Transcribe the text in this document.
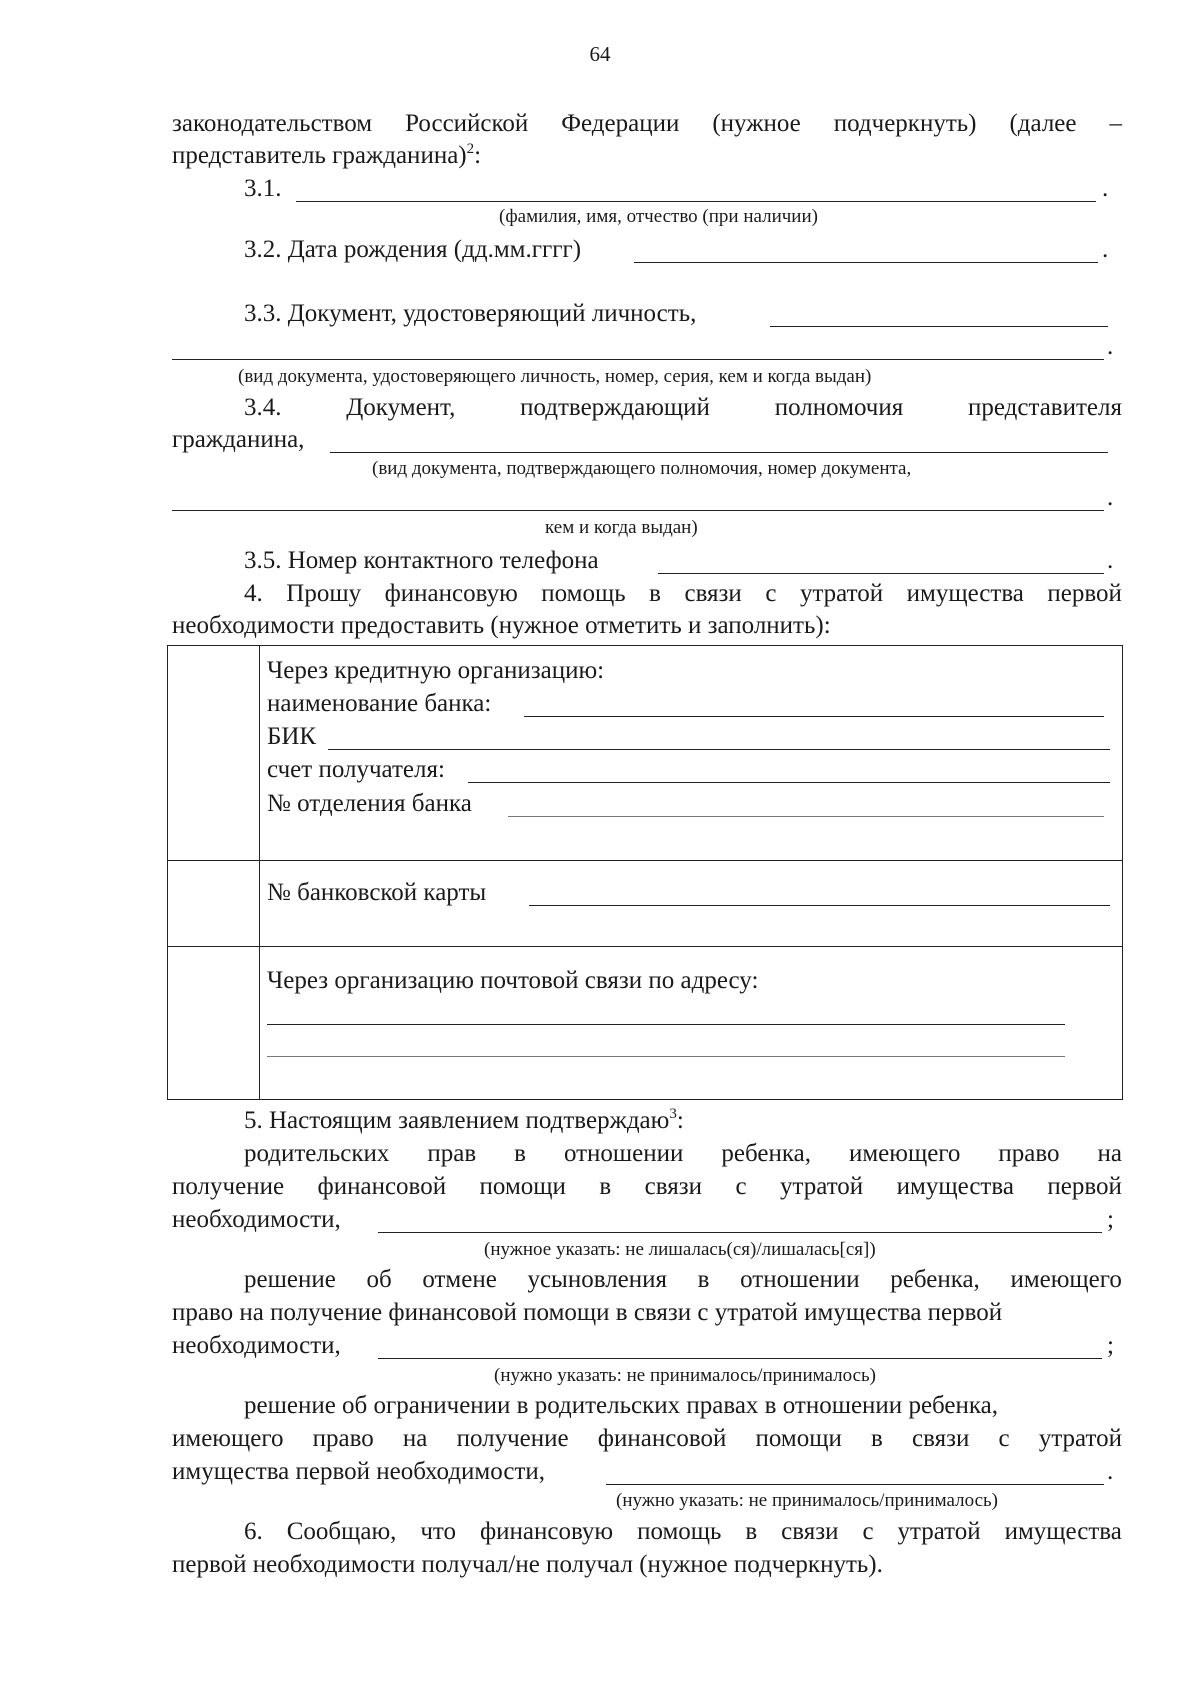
64
законодательством Российской Федерации (нужное подчеркнуть) (далее –
представитель гражданина)$^2$:
3.1.	.
(фамилия, имя, отчество (при наличии)
3.2. Дата рождения (дд.мм.гггг)	.
3.3. Документ, удостоверяющий личность,
.
(вид документа, удостоверяющего личность, номер, серия, кем и когда выдан)
3.4.	Документ,	подтверждающий	полномочия	представителя
гражданина,
(вид документа, подтверждающего полномочия, номер документа,
.
кем и когда выдан)
3.5. Номер контактного телефона	.
4. Прошу финансовую помощь в связи с утратой имущества первой
необходимости предоставить (нужное отметить и заполнить):
Через кредитную организацию:
наименование банка:
БИК
счет получателя:
№ отделения банка
№ банковской карты
Через организацию почтовой связи по адресу:
5. Настоящим заявлением подтверждаю$^3$:
родительских прав в отношении ребенка, имеющего право на
получение финансовой помощи в связи с утратой имущества первой
необходимости,	;
(нужное указать: не лишалась(ся)/лишалась[ся])
решение об отмене усыновления в отношении ребенка, имеющего
право на получение финансовой помощи в связи с утратой имущества первой
необходимости,	;
(нужно указать: не принималось/принималось)
решение об ограничении в родительских правах в отношении ребенка,
имеющего право на получение финансовой помощи в связи с утратой
имущества первой необходимости,	.
(нужно указать: не принималось/принималось)
6. Сообщаю, что финансовую помощь в связи с утратой имущества
первой необходимости получал/не получал (нужное подчеркнуть).
